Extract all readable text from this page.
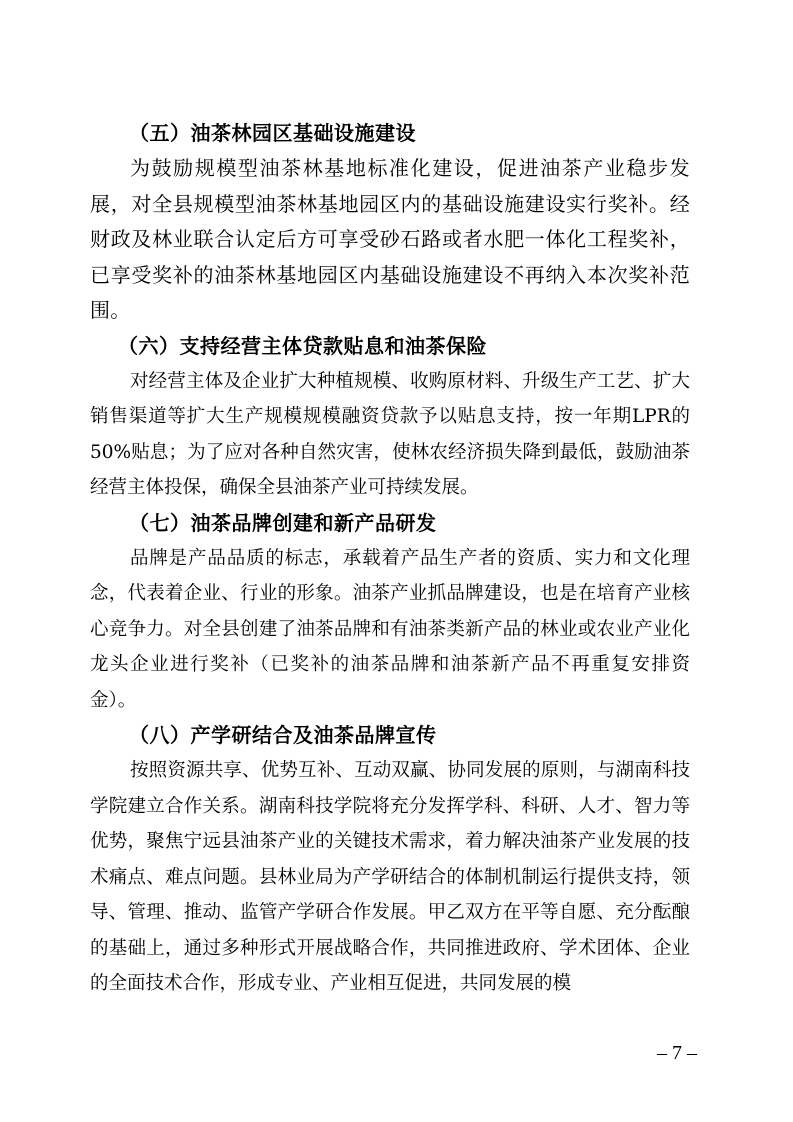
（五）油茶林园区基础设施建设

为鼓励规模型油茶林基地标准化建设，促进油茶产业稳步发展，对全县规模型油茶林基地园区内的基础设施建设实行奖补。经财政及林业联合认定后方可享受砂石路或者水肥一体化工程奖补，已享受奖补的油茶林基地园区内基础设施建设不再纳入本次奖补范围。

（六）支持经营主体贷款贴息和油茶保险

对经营主体及企业扩大种植规模、收购原材料、升级生产工艺、扩大销售渠道等扩大生产规模规模融资贷款予以贴息支持，按一年期LPR的50%贴息；为了应对各种自然灾害，使林农经济损失降到最低，鼓励油茶经营主体投保，确保全县油茶产业可持续发展。

（七）油茶品牌创建和新产品研发

品牌是产品品质的标志，承载着产品生产者的资质、实力和文化理念，代表着企业、行业的形象。油茶产业抓品牌建设，也是在培育产业核心竞争力。对全县创建了油茶品牌和有油茶类新产品的林业或农业产业化龙头企业进行奖补（已奖补的油茶品牌和油茶新产品不再重复安排资金）。

（八）产学研结合及油茶品牌宣传

按照资源共享、优势互补、互动双赢、协同发展的原则，与湖南科技学院建立合作关系。湖南科技学院将充分发挥学科、科研、人才、智力等优势，聚焦宁远县油茶产业的关键技术需求，着力解决油茶产业发展的技术痛点、难点问题。县林业局为产学研结合的体制机制运行提供支持，领导、管理、推动、监管产学研合作发展。甲乙双方在平等自愿、充分酝酿的基础上，通过多种形式开展战略合作，共同推进政府、学术团体、企业的全面技术合作，形成专业、产业相互促进，共同发展的模

– 7 –
